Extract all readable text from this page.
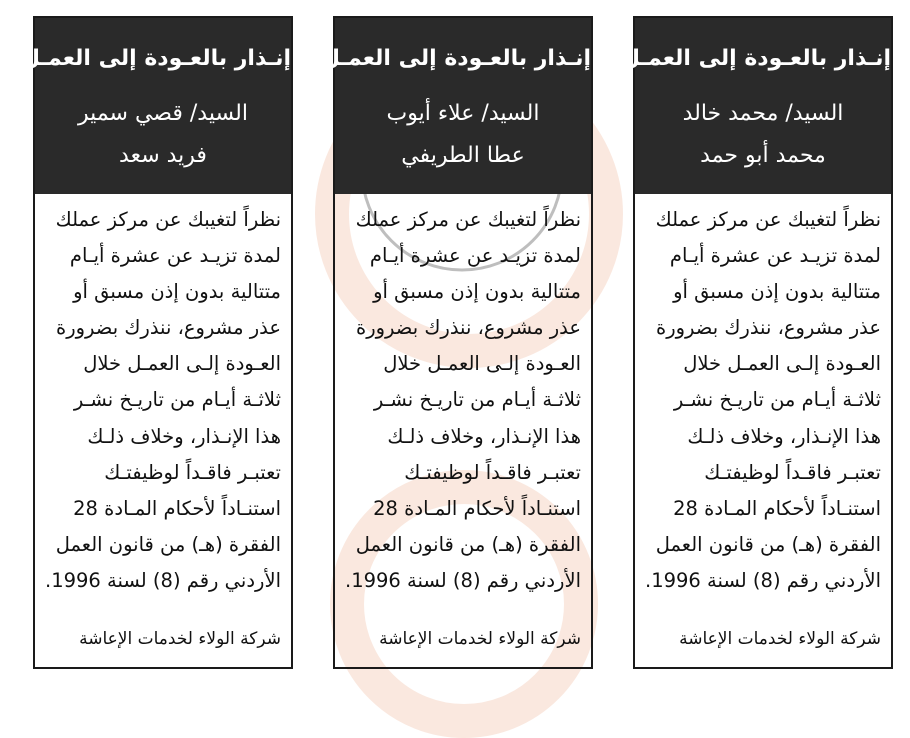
إنـذار بالعـودة إلى العمـل
السيد/ محمد خالد
محمد أبو حمد
نظراً لتغيبك عن مركز عملك
لمدة تزيـد عن عشرة أيـام
متتالية بدون إذن مسبق أو
عذر مشروع، ننذرك بضرورة
العـودة إلـى العمـل خلال
ثلاثـة أيـام من تاريـخ نشـر
هذا الإنـذار، وخلاف ذلـك
تعتبـر فاقـداً لوظيفتـك
استنـاداً لأحكام المـادة 28
الفقرة (هـ) من قانون العمل
الأردني رقم (8) لسنة 1996.
شركة الولاء لخدمات الإعاشة
إنـذار بالعـودة إلى العمـل
السيد/ علاء أيوب
عطا الطريفي
نظراً لتغيبك عن مركز عملك
لمدة تزيـد عن عشرة أيـام
متتالية بدون إذن مسبق أو
عذر مشروع، ننذرك بضرورة
العـودة إلـى العمـل خلال
ثلاثـة أيـام من تاريـخ نشـر
هذا الإنـذار، وخلاف ذلـك
تعتبـر فاقـداً لوظيفتـك
استنـاداً لأحكام المـادة 28
الفقرة (هـ) من قانون العمل
الأردني رقم (8) لسنة 1996.
شركة الولاء لخدمات الإعاشة
إنـذار بالعـودة إلى العمـل
السيد/ قصي سمير
فريد سعد
نظراً لتغيبك عن مركز عملك
لمدة تزيـد عن عشرة أيـام
متتالية بدون إذن مسبق أو
عذر مشروع، ننذرك بضرورة
العـودة إلـى العمـل خلال
ثلاثـة أيـام من تاريـخ نشـر
هذا الإنـذار، وخلاف ذلـك
تعتبـر فاقـداً لوظيفتـك
استنـاداً لأحكام المـادة 28
الفقرة (هـ) من قانون العمل
الأردني رقم (8) لسنة 1996.
شركة الولاء لخدمات الإعاشة
